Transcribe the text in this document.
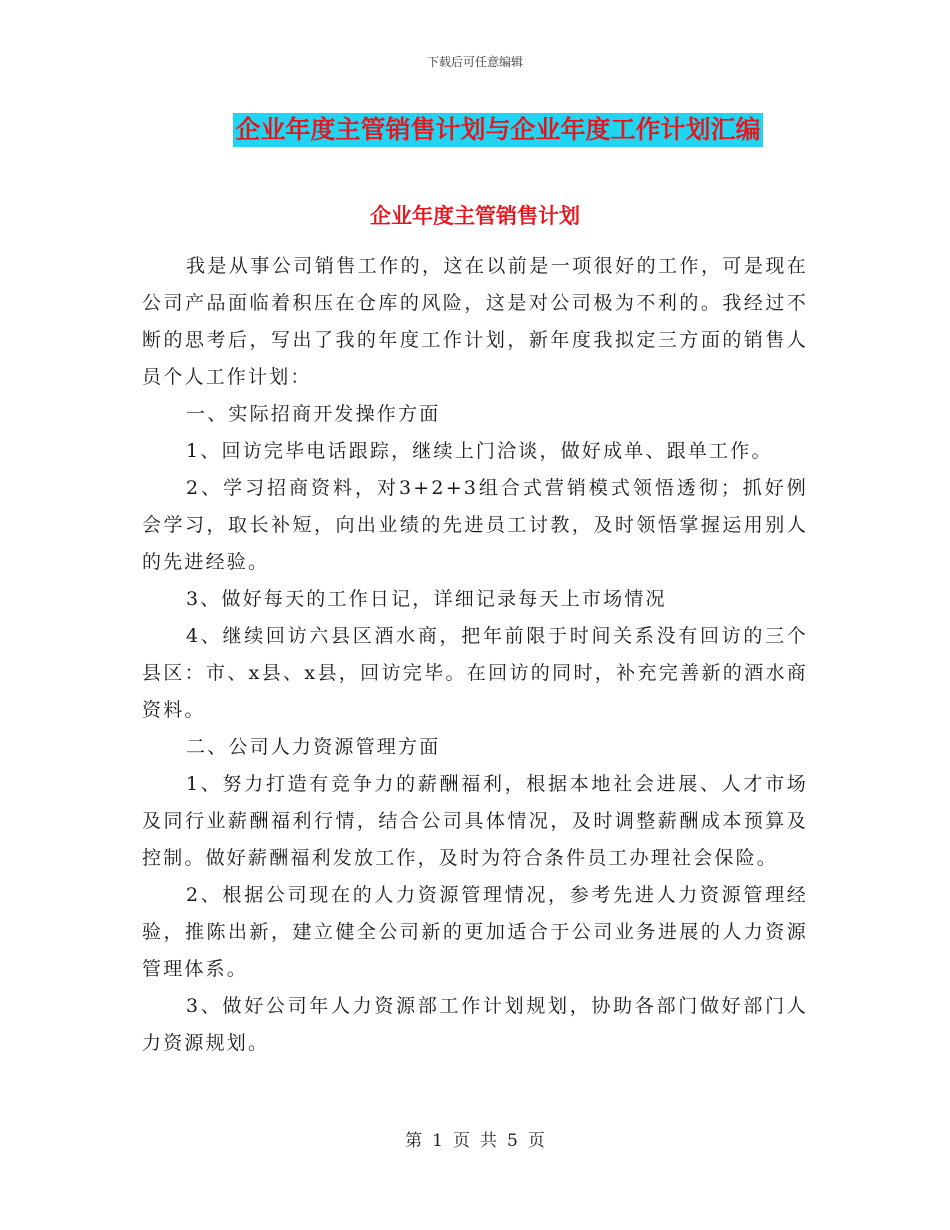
下载后可任意编辑
企业年度主管销售计划与企业年度工作计划汇编
企业年度主管销售计划

我是从事公司销售工作的，这在以前是一项很好的工作，可是现在公司产品面临着积压在仓库的风险，这是对公司极为不利的。我经过不断的思考后，写出了我的年度工作计划，新年度我拟定三方面的销售人员个人工作计划：

一、实际招商开发操作方面

1、回访完毕电话跟踪，继续上门洽谈，做好成单、跟单工作。

2、学习招商资料，对3+2+3组合式营销模式领悟透彻；抓好例会学习，取长补短，向出业绩的先进员工讨教，及时领悟掌握运用别人的先进经验。

3、做好每天的工作日记，详细记录每天上市场情况

4、继续回访六县区酒水商，把年前限于时间关系没有回访的三个县区：市、x县、x县，回访完毕。在回访的同时，补充完善新的酒水商资料。

二、公司人力资源管理方面

1、努力打造有竞争力的薪酬福利，根据本地社会进展、人才市场及同行业薪酬福利行情，结合公司具体情况，及时调整薪酬成本预算及控制。做好薪酬福利发放工作，及时为符合条件员工办理社会保险。

2、根据公司现在的人力资源管理情况，参考先进人力资源管理经验，推陈出新，建立健全公司新的更加适合于公司业务进展的人力资源管理体系。

3、做好公司年人力资源部工作计划规划，协助各部门做好部门人力资源规划。

第 1 页 共 5 页
